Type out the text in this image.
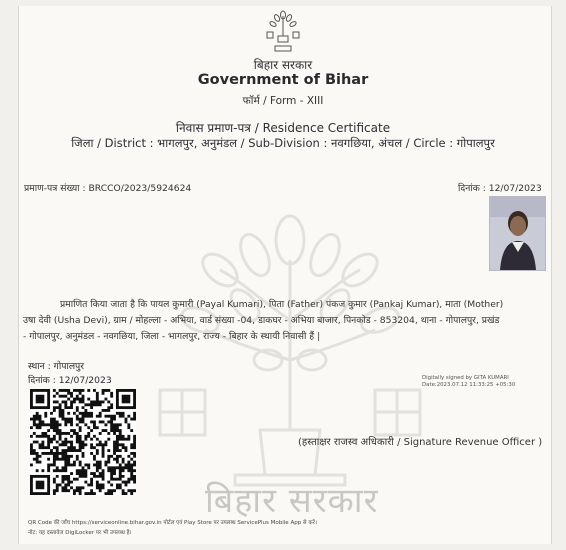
बिहार सरकार
बिहार सरकार
Government of Bihar
फॉर्म / Form - XIII
निवास प्रमाण-पत्र / Residence Certificate
जिला / District : भागलपुर, अनुमंडल / Sub-Division : नवगछिया, अंचल / Circle : गोपालपुर
प्रमाण-पत्र संख्या : BRCCO/2023/5924624	दिनांक : 12/07/2023
प्रमाणित किया जाता है कि पायल कुमारी (Payal Kumari), पिता (Father) पंकज कुमार (Pankaj Kumar), माता (Mother)
उषा देवी (Usha Devi), ग्राम / मोहल्ला - अभिया, वार्ड संख्या -04, डाकघर - अभिया बाजार, पिनकोड - 853204, थाना - गोपालपुर, प्रखंड
- गोपालपुर, अनुमंडल - नवगछिया, जिला - भागलपुर, राज्य - बिहार के स्थायी निवासी हैं |
स्थान : गोपालपुर
दिनांक : 12/07/2023	Digitally signed by GITA KUMARI
Date:2023.07.12 11:33:25 +05:30
(हस्ताक्षर राजस्व अधिकारी / Signature Revenue Officer )
QR Code की जाँच https://serviceonline.bihar.gov.in पोर्टल एवं Play Store पर उपलब्ध ServicePlus Mobile App से करें।
नोट: यह दस्तावेज DigiLocker पर भी उपलब्ध है।
